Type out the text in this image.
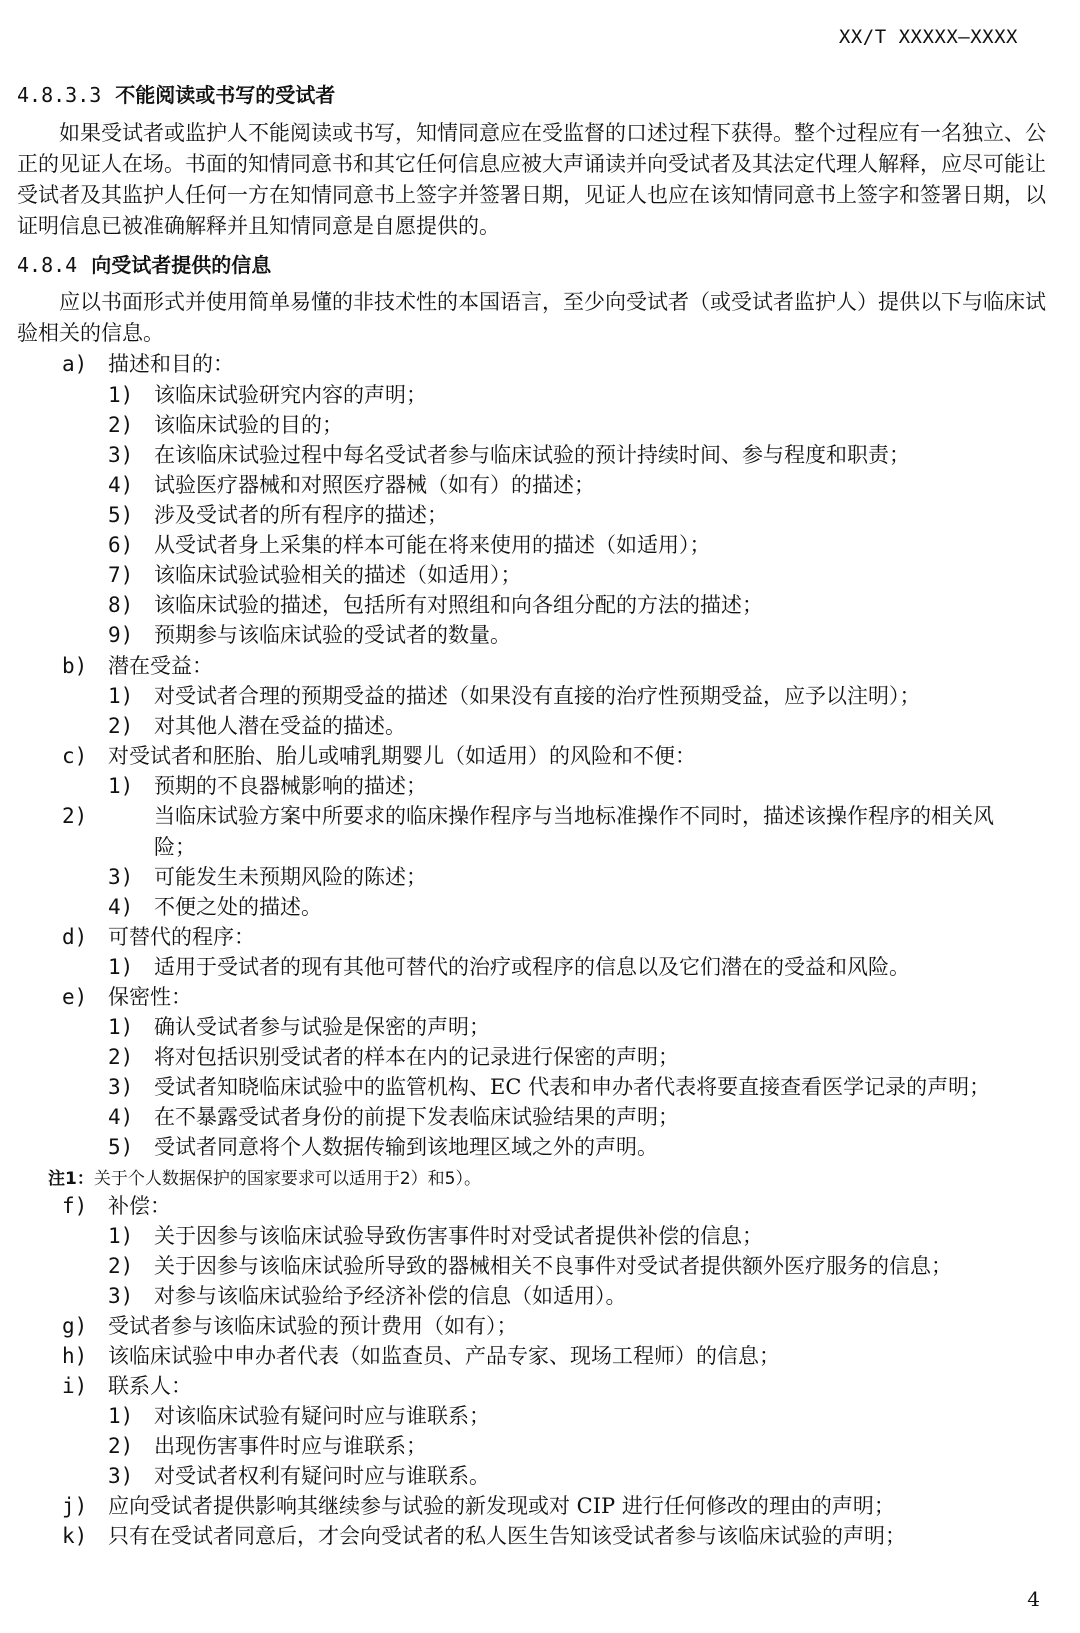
XX/T XXXXX—XXXX
4.8.3.3 不能阅读或书写的受试者
如果受试者或监护人不能阅读或书写，知情同意应在受监督的口述过程下获得。整个过程应有一名独立、公正的见证人在场。书面的知情同意书和其它任何信息应被大声诵读并向受试者及其法定代理人解释，应尽可能让受试者及其监护人任何一方在知情同意书上签字并签署日期，见证人也应在该知情同意书上签字和签署日期，以证明信息已被准确解释并且知情同意是自愿提供的。
4.8.4 向受试者提供的信息
应以书面形式并使用简单易懂的非技术性的本国语言，至少向受试者（或受试者监护人）提供以下与临床试验相关的信息。
a) 描述和目的：
1) 该临床试验研究内容的声明；
2) 该临床试验的目的；
3) 在该临床试验过程中每名受试者参与临床试验的预计持续时间、参与程度和职责；
4) 试验医疗器械和对照医疗器械（如有）的描述；
5) 涉及受试者的所有程序的描述；
6) 从受试者身上采集的样本可能在将来使用的描述（如适用）；
7) 该临床试验试验相关的描述（如适用）；
8) 该临床试验的描述，包括所有对照组和向各组分配的方法的描述；
9) 预期参与该临床试验的受试者的数量。
b) 潜在受益：
1) 对受试者合理的预期受益的描述（如果没有直接的治疗性预期受益，应予以注明）；
2) 对其他人潜在受益的描述。
c) 对受试者和胚胎、胎儿或哺乳期婴儿（如适用）的风险和不便：
1) 预期的不良器械影响的描述；
2)	当临床试验方案中所要求的临床操作程序与当地标准操作不同时，描述该操作程序的相关风险；
3) 可能发生未预期风险的陈述；
4) 不便之处的描述。
d) 可替代的程序：
1) 适用于受试者的现有其他可替代的治疗或程序的信息以及它们潜在的受益和风险。
e) 保密性：
1) 确认受试者参与试验是保密的声明；
2) 将对包括识别受试者的样本在内的记录进行保密的声明；
3) 受试者知晓临床试验中的监管机构、EC 代表和申办者代表将要直接查看医学记录的声明；
4) 在不暴露受试者身份的前提下发表临床试验结果的声明；
5) 受试者同意将个人数据传输到该地理区域之外的声明。
注1：关于个人数据保护的国家要求可以适用于2）和5）。
f) 补偿：
1) 关于因参与该临床试验导致伤害事件时对受试者提供补偿的信息；
2) 关于因参与该临床试验所导致的器械相关不良事件对受试者提供额外医疗服务的信息；
3) 对参与该临床试验给予经济补偿的信息（如适用）。
g) 受试者参与该临床试验的预计费用（如有）；
h) 该临床试验中申办者代表（如监查员、产品专家、现场工程师）的信息；
i) 联系人：
1) 对该临床试验有疑问时应与谁联系；
2) 出现伤害事件时应与谁联系；
3) 对受试者权利有疑问时应与谁联系。
j) 应向受试者提供影响其继续参与试验的新发现或对 CIP 进行任何修改的理由的声明；
k) 只有在受试者同意后，才会向受试者的私人医生告知该受试者参与该临床试验的声明；
4
